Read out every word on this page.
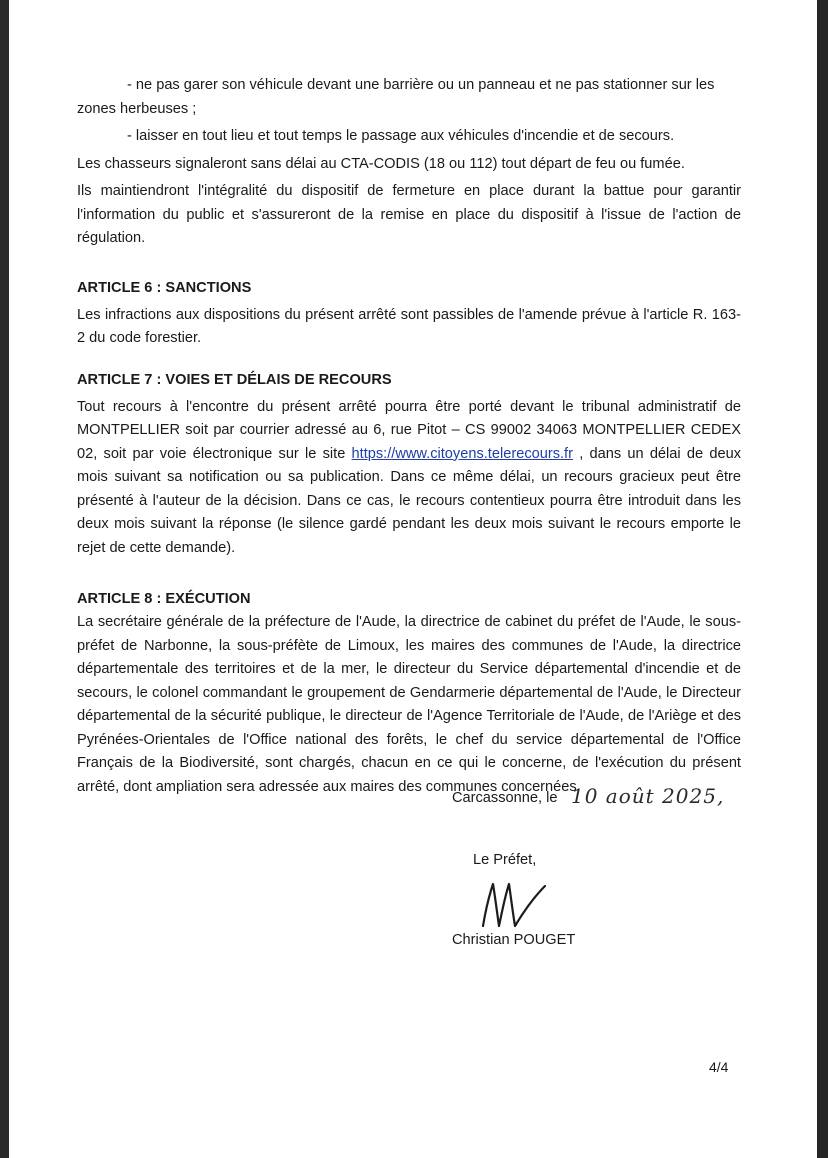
- ne pas garer son véhicule devant une barrière ou un panneau et ne pas stationner sur les zones herbeuses ;

- laisser en tout lieu et tout temps le passage aux véhicules d'incendie et de secours.

Les chasseurs signaleront sans délai au CTA-CODIS (18 ou 112) tout départ de feu ou fumée.

Ils maintiendront l'intégralité du dispositif de fermeture en place durant la battue pour garantir l'information du public et s'assureront de la remise en place du dispositif à l'issue de l'action de régulation.

ARTICLE 6 : SANCTIONS

Les infractions aux dispositions du présent arrêté sont passibles de l'amende prévue à l'article R. 163-2 du code forestier.

ARTICLE 7 : VOIES ET DÉLAIS DE RECOURS

Tout recours à l'encontre du présent arrêté pourra être porté devant le tribunal administratif de MONTPELLIER soit par courrier adressé au 6, rue Pitot – CS 99002 34063 MONTPELLIER CEDEX 02, soit par voie électronique sur le site https://www.citoyens.telerecours.fr , dans un délai de deux mois suivant sa notification ou sa publication. Dans ce même délai, un recours gracieux peut être présenté à l'auteur de la décision. Dans ce cas, le recours contentieux pourra être introduit dans les deux mois suivant la réponse (le silence gardé pendant les deux mois suivant le recours emporte le rejet de cette demande).

ARTICLE 8 : EXÉCUTION

La secrétaire générale de la préfecture de l'Aude, la directrice de cabinet du préfet de l'Aude, le sous-préfet de Narbonne, la sous-préfète de Limoux, les maires des communes de l'Aude, la directrice départementale des territoires et de la mer, le directeur du Service départemental d'incendie et de secours, le colonel commandant le groupement de Gendarmerie départemental de l'Aude, le Directeur départemental de la sécurité publique, le directeur de l'Agence Territoriale de l'Aude, de l'Ariège et des Pyrénées-Orientales de l'Office national des forêts, le chef du service départemental de l'Office Français de la Biodiversité, sont chargés, chacun en ce qui le concerne, de l'exécution du présent arrêté, dont ampliation sera adressée aux maires des communes concernées.

Carcassonne, le 10 août 2025,
Le Préfet,
Christian POUGET
4/4
